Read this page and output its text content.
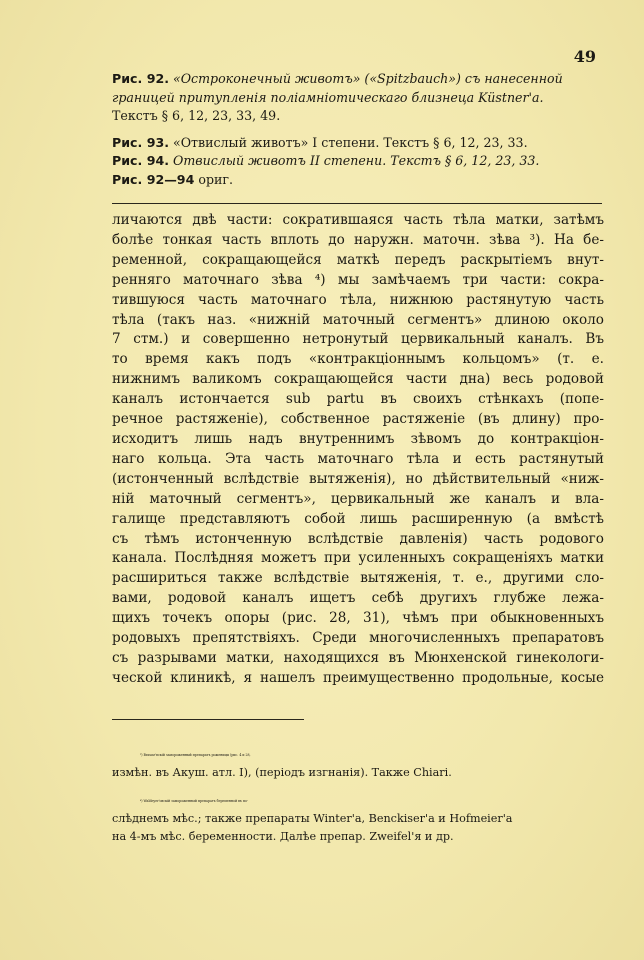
49
Рис. 92. «Остроконечный животъ» («Spitzbauch») съ нанесенной
границей притупленія полiамніотическаго близнеца Küstner'а.
Текстъ § 6, 12, 23, 33, 49.
Рис. 93. «Отвислый животъ» I степени. Текстъ § 6, 12, 23, 33.
Рис. 94. Отвислый животъ II степени. Текстъ § 6, 12, 23, 33.
Рис. 92—94 ориг.

личаются двѣ части: сократившаяся часть тѣла матки, затѣмъ

болѣе тонкая часть вплоть до наружн. маточн. зѣва ³). На бе-

ременной, сокращающейся маткѣ передъ раскрытіемъ внут-

ренняго маточнаго зѣва ⁴) мы замѣчаемъ три части: сокра-

тившуюся часть маточнаго тѣла, нижнюю растянутую часть

тѣла (такъ наз. «нижній маточный сегментъ» длиною около

7 стм.) и совершенно нетронутый цервикальный каналъ. Въ

то время какъ подъ «контракціоннымъ кольцомъ» (т. е.

нижнимъ валикомъ сокращающейся части дна) весь родовой

каналъ истончается sub partu въ своихъ стѣнкахъ (попе-

речное растяженіе), собственное растяженіе (въ длину) про-

исходитъ лишь надъ внутреннимъ зѣвомъ до контракціон-

наго кольца. Эта часть маточнаго тѣла и есть растянутый

(истонченный вслѣдствіе вытяженія), но дѣйствительный «ниж-

ній маточный сегментъ», цервикальный же каналъ и вла-

галище представляютъ собой лишь расширенную (а вмѣстѣ

съ тѣмъ истонченную вслѣдствіе давленія) часть родового

канала. Послѣдняя можетъ при усиленныхъ сокращеніяхъ матки

расшириться также вслѣдствіе вытяженія, т. е., другими сло-

вами, родовой каналъ ищетъ себѣ другихъ глубже лежа-

щихъ точекъ опоры (рис. 28, 31), чѣмъ при обыкновенныхъ

родовыхъ препятствіяхъ. Среди многочисленныхъ препаратовъ

съ разрывами матки, находящихся въ Мюнхенской гинекологи-

ческой клиникѣ, я нашелъ преимущественно продольные, косые

³) Braune'вскій замороженный препаратъ роженицы (рис. 4 и 28,

измѣн. въ Акуш. атл. I), (періодъ изгнанія). Также Chiari.

⁴) Waldeyer'овскій замороженный препаратъ беременной въ по-

слѣднемъ мѣс.; также препараты Winter'а, Benckiser'а и Hofmeier'а

на 4-мъ мѣс. беременности. Далѣе препар. Zweifel'я и др.
